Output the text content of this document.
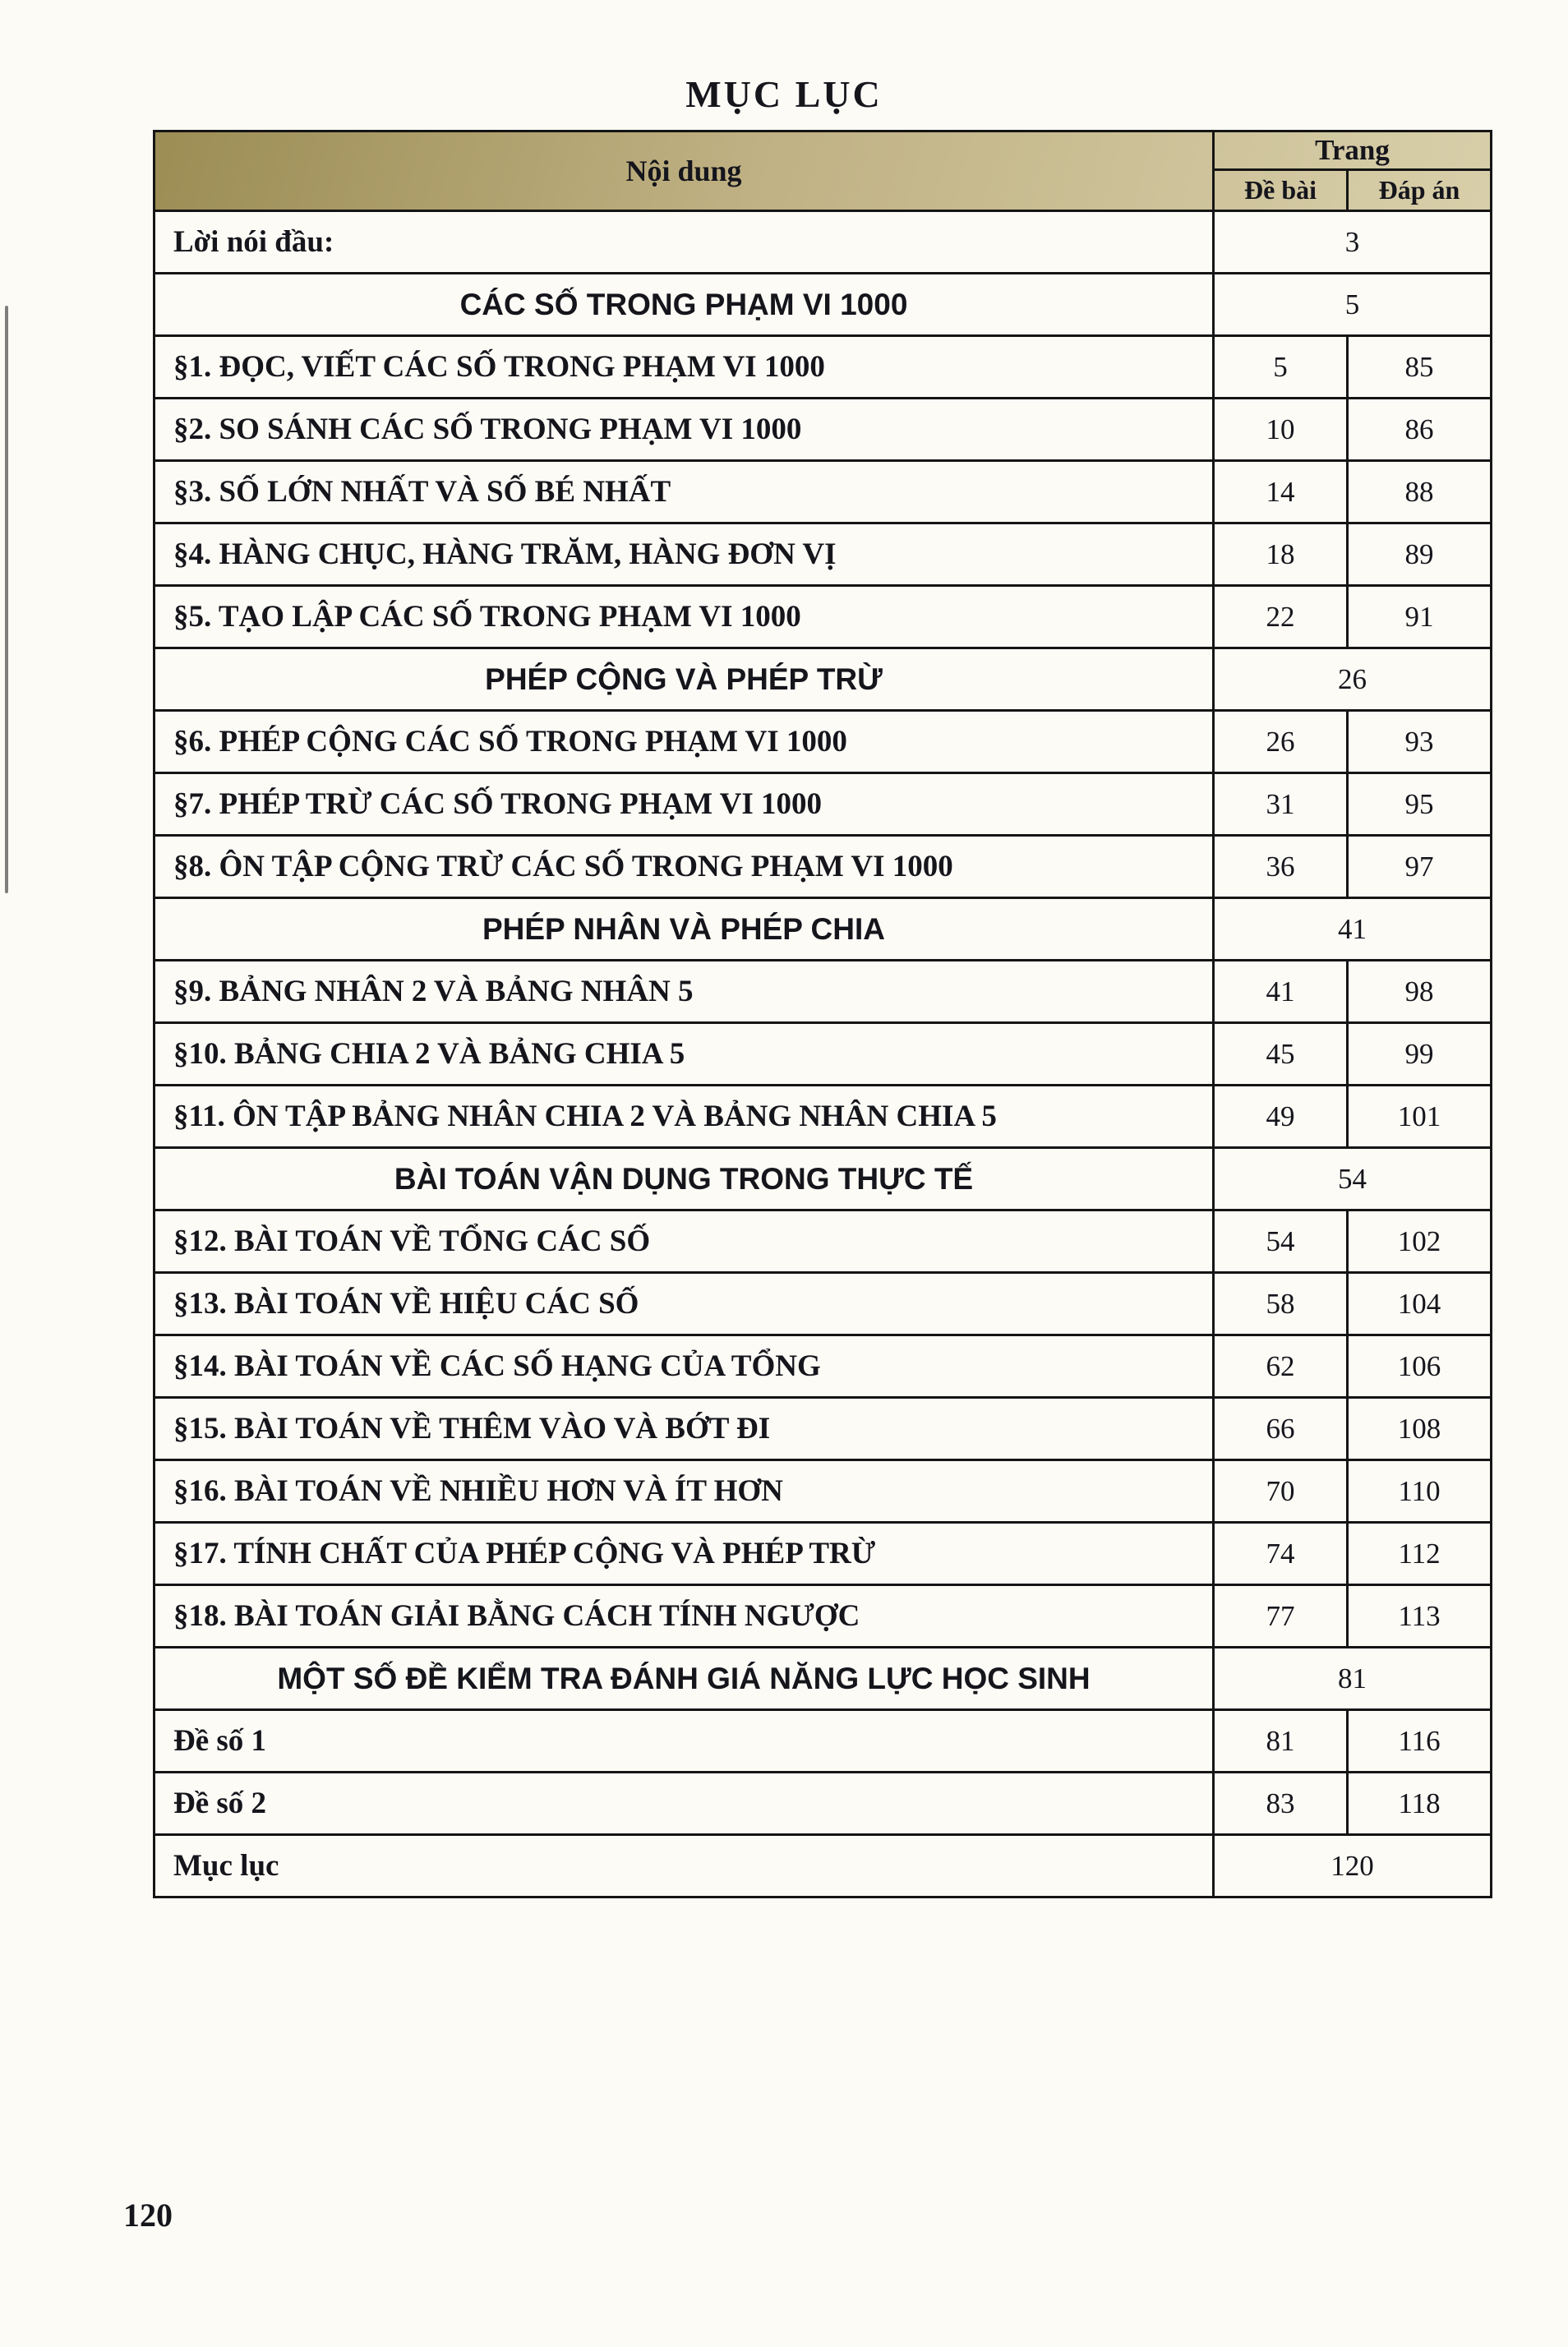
MỤC LỤC
Nội dung
Trang
Đề bài	Đáp án
Lời nói đầu:	3
CÁC SỐ TRONG PHẠM VI 1000	5
§1. ĐỌC, VIẾT CÁC SỐ TRONG PHẠM VI 1000	5	85
§2. SO SÁNH CÁC SỐ TRONG PHẠM VI 1000	10	86
§3. SỐ LỚN NHẤT VÀ SỐ BÉ NHẤT	14	88
§4. HÀNG CHỤC, HÀNG TRĂM, HÀNG ĐƠN VỊ	18	89
§5. TẠO LẬP CÁC SỐ TRONG PHẠM VI 1000	22	91
PHÉP CỘNG VÀ PHÉP TRỪ	26
§6. PHÉP CỘNG CÁC SỐ TRONG PHẠM VI 1000	26	93
§7. PHÉP TRỪ CÁC SỐ TRONG PHẠM VI 1000	31	95
§8. ÔN TẬP CỘNG TRỪ CÁC SỐ TRONG PHẠM VI 1000	36	97
PHÉP NHÂN VÀ PHÉP CHIA	41
§9. BẢNG NHÂN 2 VÀ BẢNG NHÂN 5	41	98
§10. BẢNG CHIA 2 VÀ BẢNG CHIA 5	45	99
§11. ÔN TẬP BẢNG NHÂN CHIA 2 VÀ BẢNG NHÂN CHIA 5	49	101
BÀI TOÁN VẬN DỤNG TRONG THỰC TẾ	54
§12. BÀI TOÁN VỀ TỔNG CÁC SỐ	54	102
§13. BÀI TOÁN VỀ HIỆU CÁC SỐ	58	104
§14. BÀI TOÁN VỀ CÁC SỐ HẠNG CỦA TỔNG	62	106
§15. BÀI TOÁN VỀ THÊM VÀO VÀ BỚT ĐI	66	108
§16. BÀI TOÁN VỀ NHIỀU HƠN VÀ ÍT HƠN	70	110
§17. TÍNH CHẤT CỦA PHÉP CỘNG VÀ PHÉP TRỪ	74	112
§18. BÀI TOÁN GIẢI BẰNG CÁCH TÍNH NGƯỢC	77	113
MỘT SỐ ĐỀ KIỂM TRA ĐÁNH GIÁ NĂNG LỰC HỌC SINH	81
Đề số 1	81	116
Đề số 2	83	118
Mục lục	120
120
